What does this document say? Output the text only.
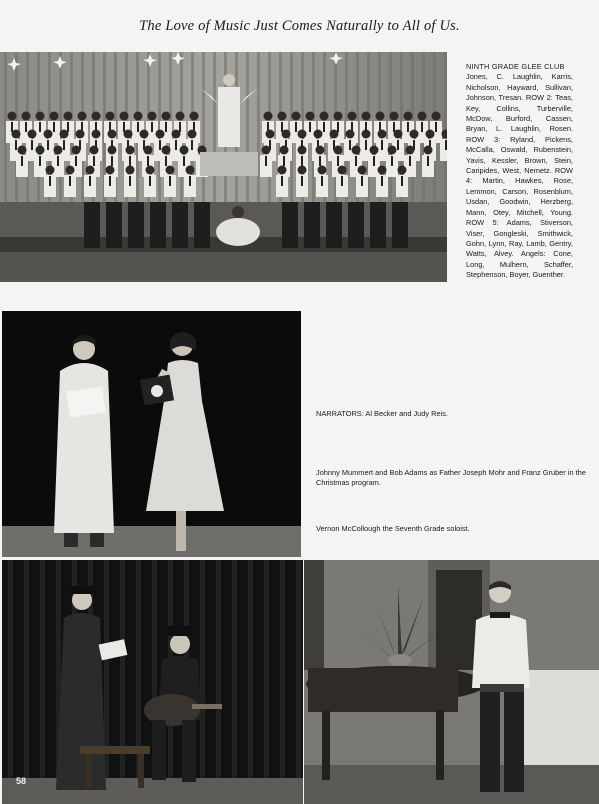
The Love of Music Just Comes Naturally to All of Us.
NINTH GRADE GLEE CLUB
Jones, C. Laughlin, Karris, Nicholson, Hayward, Sullivan, Johnson, Tresan. ROW 2: Teas, Key, Collins, Turberville, McDow, Burford, Cassen, Bryan, L. Laughlin, Rosen. ROW 3: Ryland, Pickens, McCalla, Oswald, Rubenstein, Yavis, Kessler, Brown, Stein, Caripides, West, Nemetz. ROW 4: Martin, Hawkes, Rose, Lemmon, Carson, Rosenblum, Usdan, Goodwin, Herzberg, Mann, Otey, Mitchell, Young. ROW 5: Adams, Stiverson, Viser, Gongleski, Smithwick, Gohn, Lynn, Ray, Lamb, Gentry, Watts, Alvey. Angels: Cone, Long, Mulhern, Schaffer, Stephenson, Boyer, Guenther.
NARRATORS: Al Becker and Judy Reis.
Johnny Mummert and Bob Adams as Father Joseph Mohr and Franz Gruber in the Christmas program.
Vernon McCollough the Seventh Grade soloist.
58
